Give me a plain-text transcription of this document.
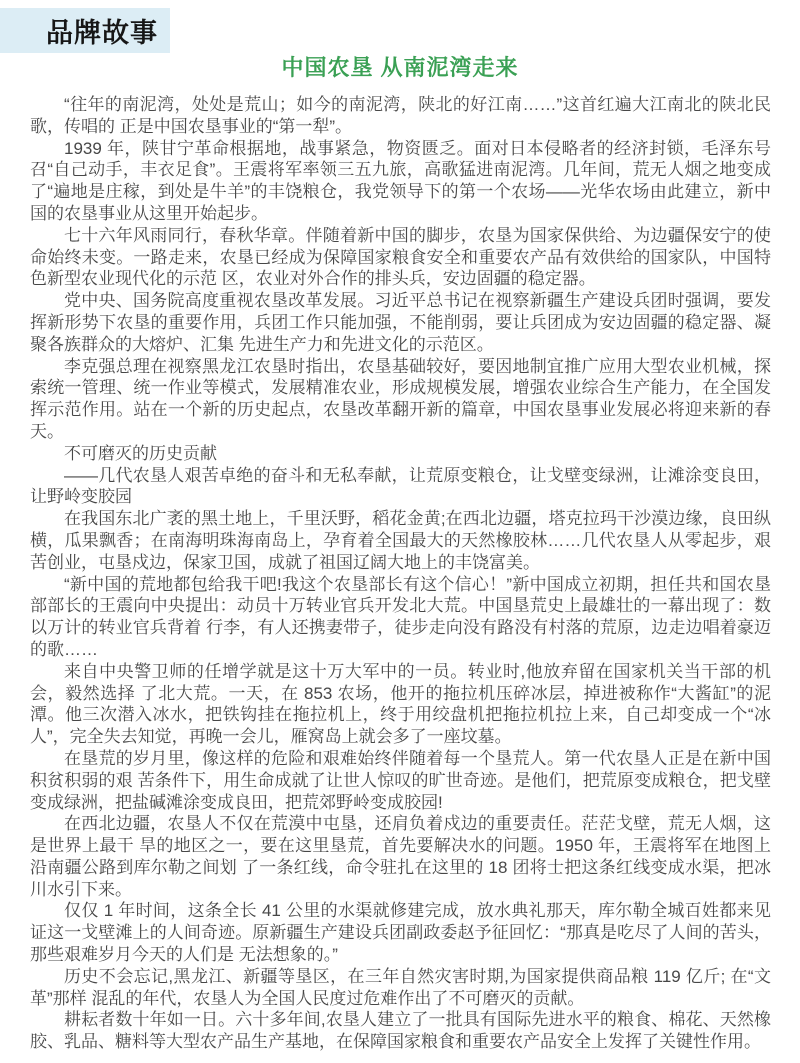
品牌故事
中国农垦 从南泥湾走来

“往年的南泥湾，处处是荒山；如今的南泥湾，陕北的好江南……”这首红遍大江南北的陕北民歌，传唱的 正是中国农垦事业的“第一犁”。

1939 年，陕甘宁革命根据地，战事紧急，物资匮乏。面对日本侵略者的经济封锁，毛泽东号召“自己动手，丰衣足食”。王震将军率领三五九旅，高歌猛进南泥湾。几年间，荒无人烟之地变成了“遍地是庄稼，到处是牛羊”的丰饶粮仓，我党领导下的第一个农场——光华农场由此建立，新中国的农垦事业从这里开始起步。

七十六年风雨同行，春秋华章。伴随着新中国的脚步，农垦为国家保供给、为边疆保安宁的使命始终未变。一路走来，农垦已经成为保障国家粮食安全和重要农产品有效供给的国家队，中国特色新型农业现代化的示范 区，农业对外合作的排头兵，安边固疆的稳定器。

党中央、国务院高度重视农垦改革发展。习近平总书记在视察新疆生产建设兵团时强调，要发挥新形势下农垦的重要作用，兵团工作只能加强，不能削弱，要让兵团成为安边固疆的稳定器、凝聚各族群众的大熔炉、汇集 先进生产力和先进文化的示范区。

李克强总理在视察黑龙江农垦时指出，农垦基础较好，要因地制宜推广应用大型农业机械，探索统一管理、统一作业等模式，发展精准农业，形成规模发展，增强农业综合生产能力，在全国发挥示范作用。站在一个新的历史起点，农垦改革翻开新的篇章，中国农垦事业发展必将迎来新的春天。

不可磨灭的历史贡献

——几代农垦人艰苦卓绝的奋斗和无私奉献，让荒原变粮仓，让戈壁变绿洲，让滩涂变良田，让野岭变胶园

在我国东北广袤的黑土地上，千里沃野，稻花金黄;在西北边疆，塔克拉玛干沙漠边缘，良田纵横，瓜果飘香；在南海明珠海南岛上，孕育着全国最大的天然橡胶林……几代农垦人从零起步，艰苦创业，屯垦戍边，保家卫国，成就了祖国辽阔大地上的丰饶富美。

“新中国的荒地都包给我干吧!我这个农垦部长有这个信心！”新中国成立初期，担任共和国农垦部部长的王震向中央提出：动员十万转业官兵开发北大荒。中国垦荒史上最雄壮的一幕出现了：数以万计的转业官兵背着 行李，有人还携妻带子，徒步走向没有路没有村落的荒原，边走边唱着豪迈的歌……

来自中央警卫师的任增学就是这十万大军中的一员。转业时,他放弃留在国家机关当干部的机会，毅然选择 了北大荒。一天，在 853 农场，他开的拖拉机压碎冰层，掉进被称作“大酱缸”的泥潭。他三次潜入冰水，把铁钩挂在拖拉机上，终于用绞盘机把拖拉机拉上来，自己却变成一个“冰人”，完全失去知觉，再晚一会儿，雁窝岛上就会多了一座坟墓。

在垦荒的岁月里，像这样的危险和艰难始终伴随着每一个垦荒人。第一代农垦人正是在新中国积贫积弱的艰 苦条件下，用生命成就了让世人惊叹的旷世奇迹。是他们，把荒原变成粮仓，把戈壁变成绿洲，把盐碱滩涂变成良田，把荒郊野岭变成胶园!

在西北边疆，农垦人不仅在荒漠中屯垦，还肩负着戍边的重要责任。茫茫戈壁，荒无人烟，这是世界上最干 旱的地区之一，要在这里垦荒，首先要解决水的问题。1950 年，王震将军在地图上沿南疆公路到库尔勒之间划 了一条红线，命令驻扎在这里的 18 团将士把这条红线变成水渠，把冰川水引下来。

仅仅 1 年时间，这条全长 41 公里的水渠就修建完成，放水典礼那天，库尔勒全城百姓都来见证这一戈壁滩上的人间奇迹。原新疆生产建设兵团副政委赵予征回忆：“那真是吃尽了人间的苦头，那些艰难岁月今天的人们是 无法想象的。”

历史不会忘记,黑龙江、新疆等垦区，在三年自然灾害时期,为国家提供商品粮 119 亿斤; 在“文革”那样 混乱的年代，农垦人为全国人民度过危难作出了不可磨灭的贡献。

耕耘者数十年如一日。六十多年间,农垦人建立了一批具有国际先进水平的粮食、棉花、天然橡胶、乳品、糖料等大型农产品生产基地，在保障国家粮食和重要农产品安全上发挥了关键性作用。
